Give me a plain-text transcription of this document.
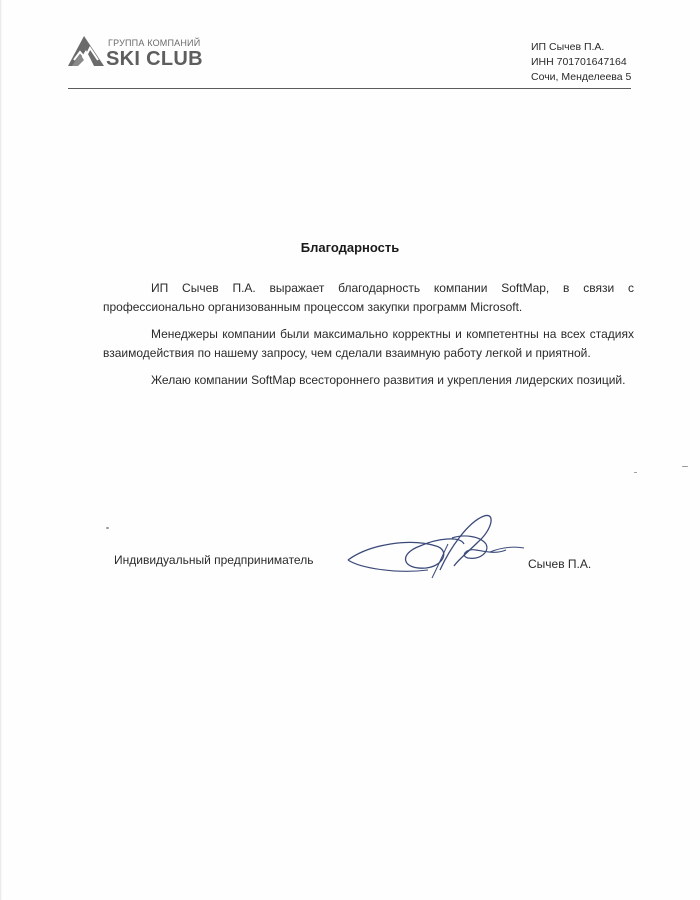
ГРУППА КОМПАНИЙ
SKI CLUB
ИП Сычев П.А.
ИНН 701701647164
Сочи, Менделеева 5
Благодарность

ИП Сычев П.А. выражает благодарность компании SoftMap, в связи с профессионально организованным процессом закупки программ Microsoft.

Менеджеры компании были максимально корректны и компетентны на всех стадиях взаимодействия по нашему запросу, чем сделали взаимную работу легкой и приятной.

Желаю компании SoftMap всестороннего развития и укрепления лидерских позиций.

Индивидуальный предприниматель	Сычев П.А.
